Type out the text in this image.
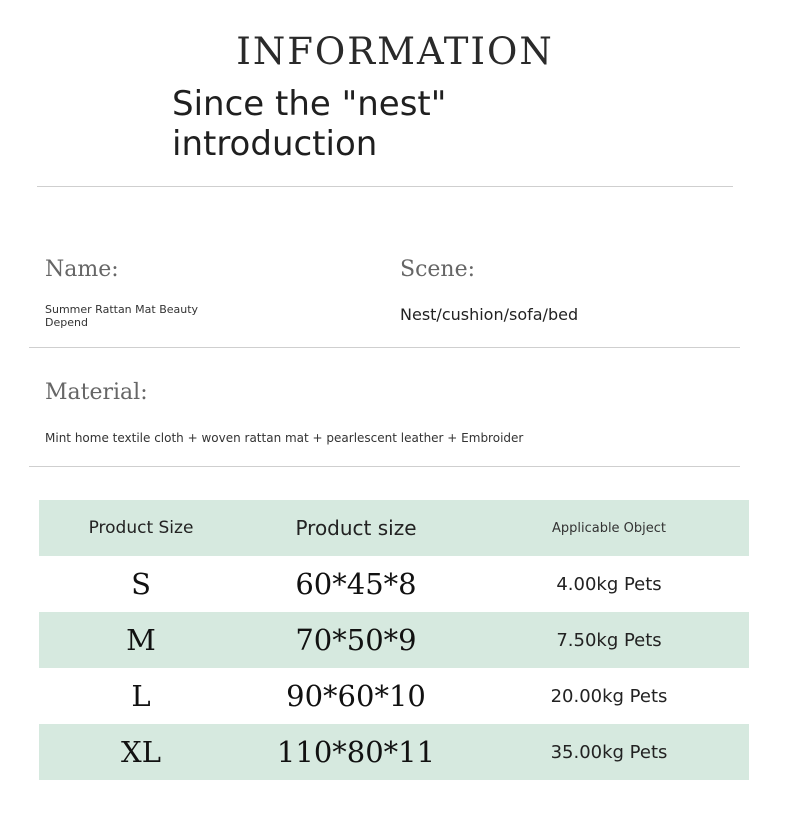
INFORMATION
Since the "nest"
introduction
Name:
Summer Rattan Mat Beauty
Depend
Scene:
Nest/cushion/sofa/bed
Material:
Mint home textile cloth + woven rattan mat + pearlescent leather + Embroider
Product Size	Product size	Applicable Object
S	60*45*8	4.00kg Pets
M	70*50*9	7.50kg Pets
L	90*60*10	20.00kg Pets
XL	110*80*11	35.00kg Pets
